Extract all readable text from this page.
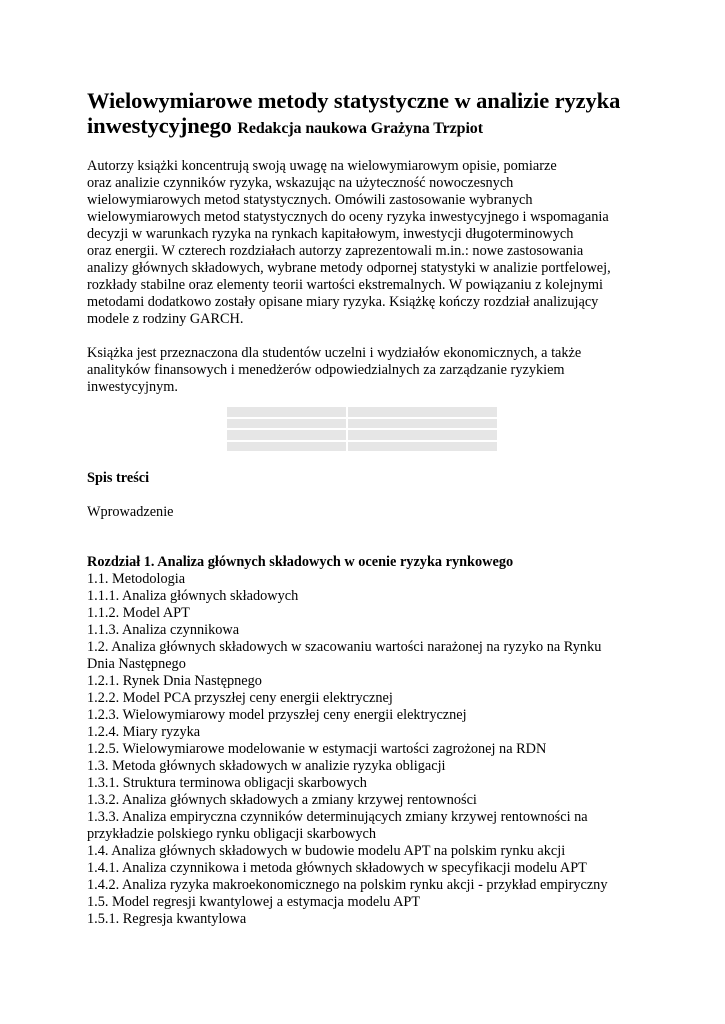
Wielowymiarowe metody statystyczne w analizie ryzyka
inwestycyjnego Redakcja naukowa Grażyna Trzpiot

Autorzy książki koncentrują swoją uwagę na wielowymiarowym opisie, pomiarze
oraz analizie czynników ryzyka, wskazując na użyteczność nowoczesnych
wielowymiarowych metod statystycznych. Omówili zastosowanie wybranych
wielowymiarowych metod statystycznych do oceny ryzyka inwestycyjnego i wspomagania
decyzji w warunkach ryzyka na rynkach kapitałowym, inwestycji długoterminowych
oraz energii. W czterech rozdziałach autorzy zaprezentowali m.in.: nowe zastosowania
analizy głównych składowych, wybrane metody odpornej statystyki w analizie portfelowej,
rozkłady stabilne oraz elementy teorii wartości ekstremalnych. W powiązaniu z kolejnymi
metodami dodatkowo zostały opisane miary ryzyka. Książkę kończy rozdział analizujący
modele z rodziny GARCH.

Książka jest przeznaczona dla studentów uczelni i wydziałów ekonomicznych, a także
analityków finansowych i menedżerów odpowiedzialnych za zarządzanie ryzykiem
inwestycyjnym.

Spis treści

Wprowadzenie

Rozdział 1. Analiza głównych składowych w ocenie ryzyka rynkowego
1.1. Metodologia
1.1.1. Analiza głównych składowych
1.1.2. Model APT
1.1.3. Analiza czynnikowa
1.2. Analiza głównych składowych w szacowaniu wartości narażonej na ryzyko na Rynku
Dnia Następnego
1.2.1. Rynek Dnia Następnego
1.2.2. Model PCA przyszłej ceny energii elektrycznej
1.2.3. Wielowymiarowy model przyszłej ceny energii elektrycznej
1.2.4. Miary ryzyka
1.2.5. Wielowymiarowe modelowanie w estymacji wartości zagrożonej na RDN
1.3. Metoda głównych składowych w analizie ryzyka obligacji
1.3.1. Struktura terminowa obligacji skarbowych
1.3.2. Analiza głównych składowych a zmiany krzywej rentowności
1.3.3. Analiza empiryczna czynników determinujących zmiany krzywej rentowności na
przykładzie polskiego rynku obligacji skarbowych
1.4. Analiza głównych składowych w budowie modelu APT na polskim rynku akcji
1.4.1. Analiza czynnikowa i metoda głównych składowych w specyfikacji modelu APT
1.4.2. Analiza ryzyka makroekonomicznego na polskim rynku akcji - przykład empiryczny
1.5. Model regresji kwantylowej a estymacja modelu APT
1.5.1. Regresja kwantylowa
